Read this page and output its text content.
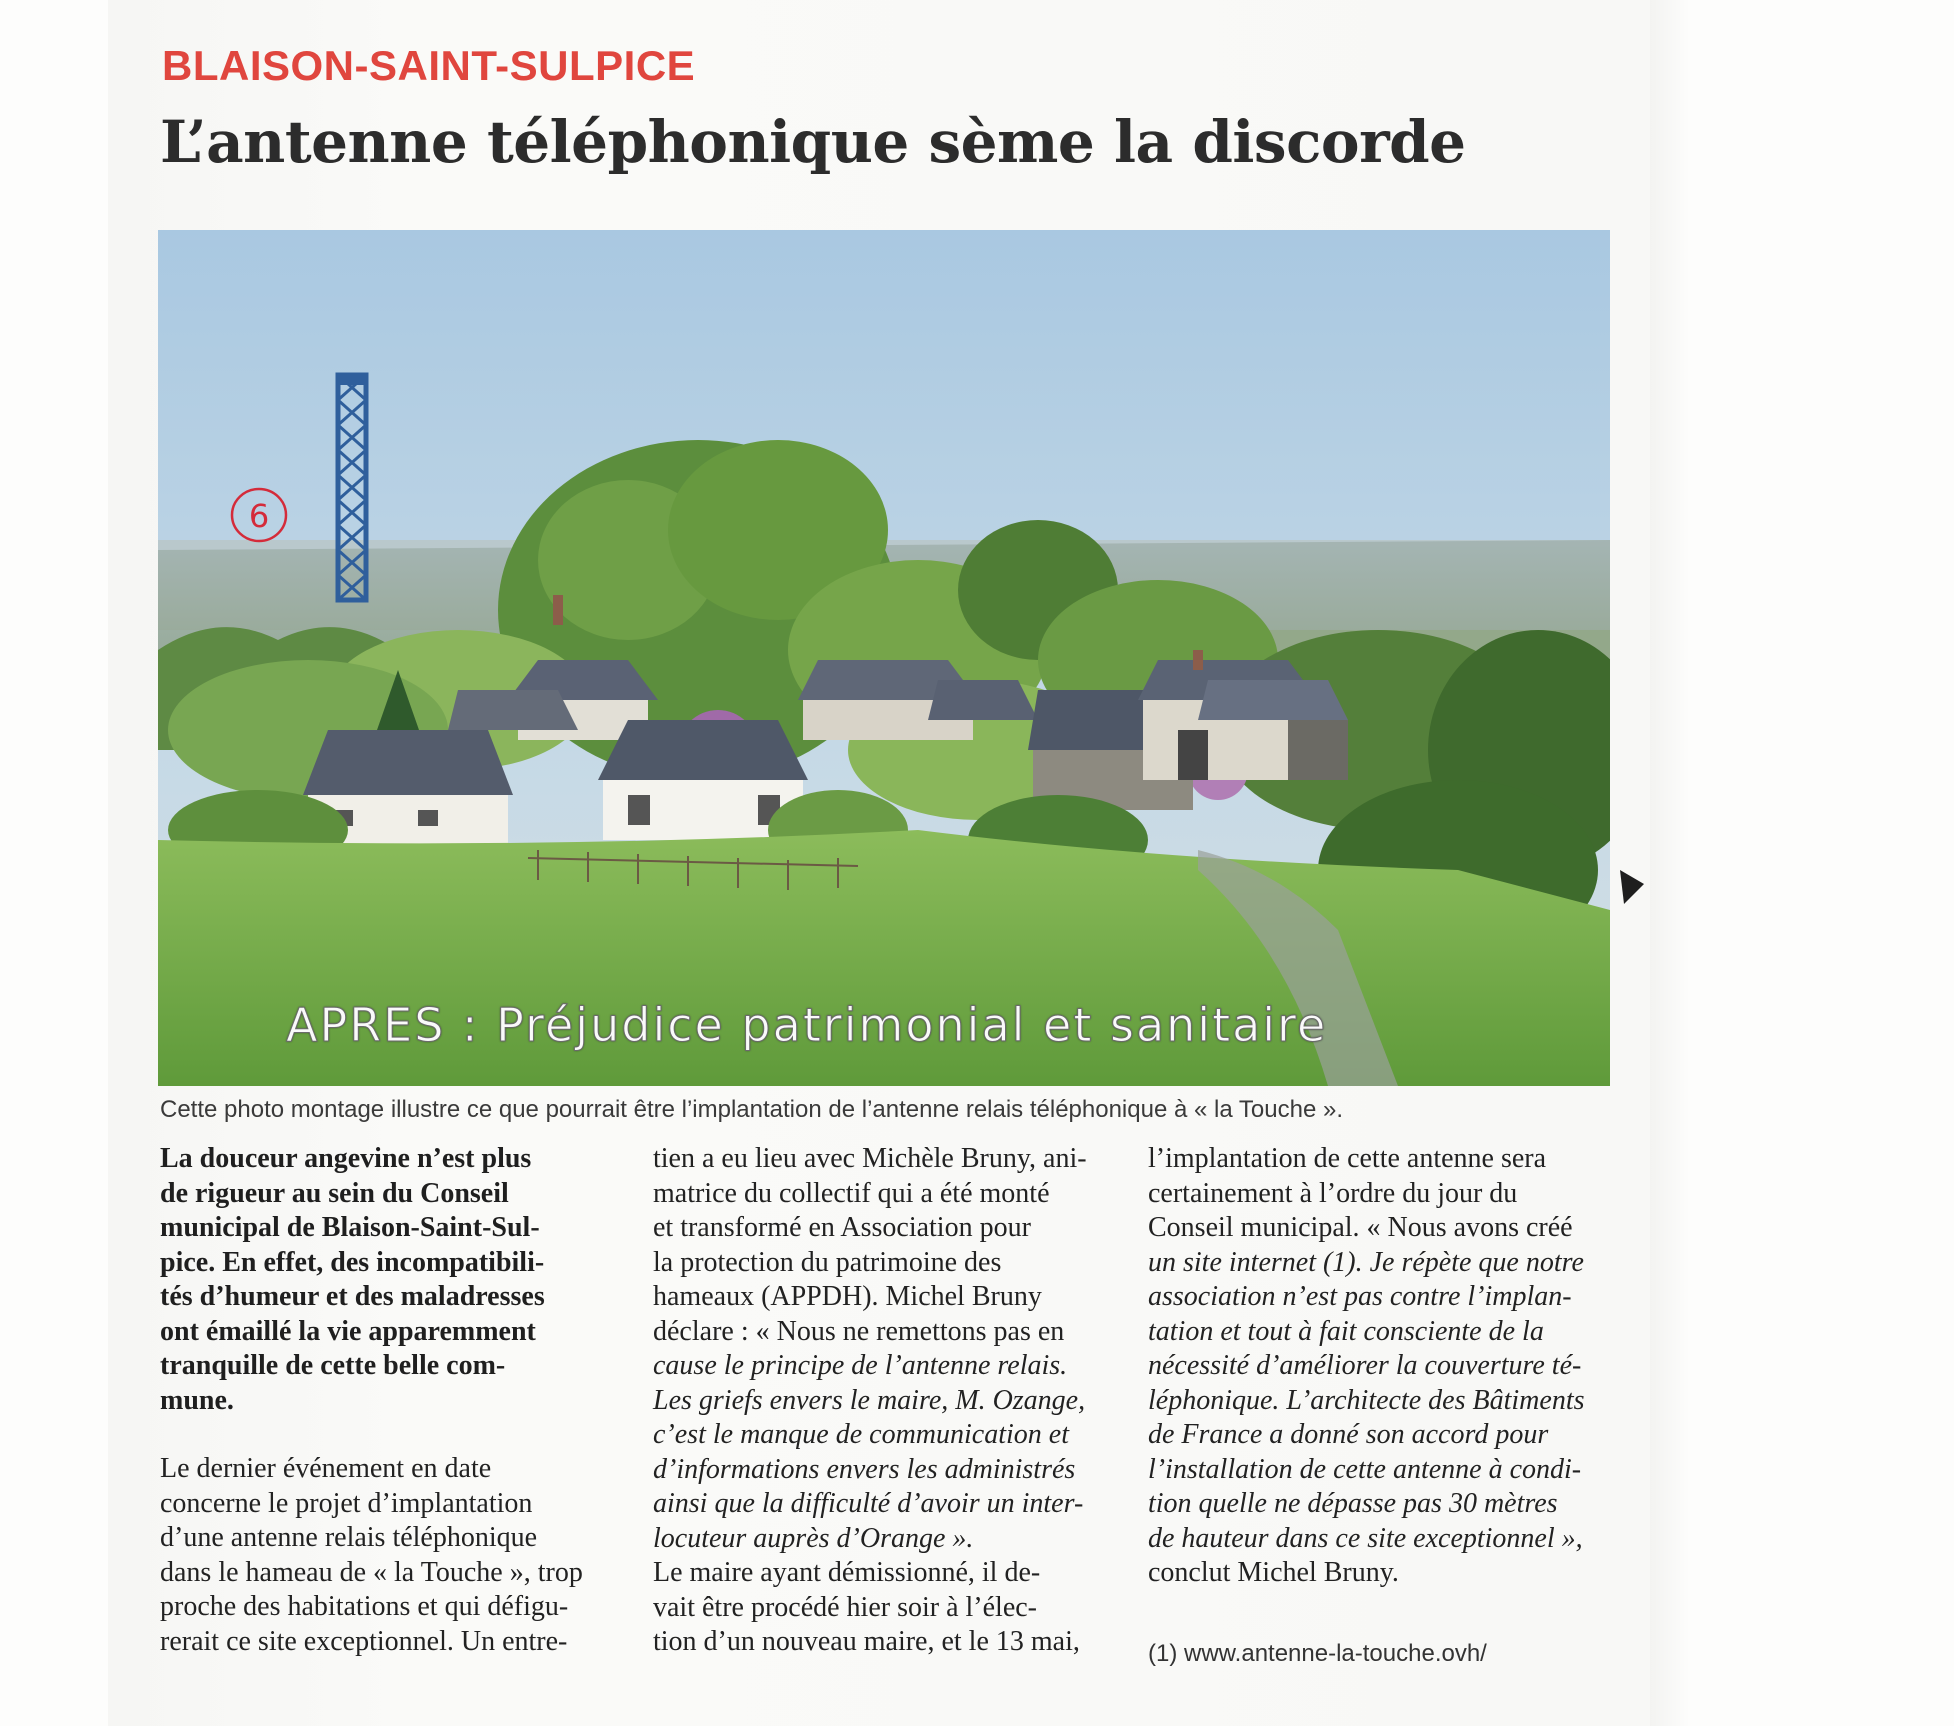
BLAISON-SAINT-SULPICE
L’antenne téléphonique sème la discorde
6
APRES : Préjudice patrimonial et sanitaire
Cette photo montage illustre ce que pourrait être l’implantation de l’antenne relais téléphonique à « la Touche ».

La douceur angevine n’est plus

de rigueur au sein du Conseil

municipal de Blaison-Saint-Sul-

pice. En effet, des incompatibili-

tés d’humeur et des maladresses

ont émaillé la vie apparemment

tranquille de cette belle com-

mune.

Le dernier événement en date

concerne le projet d’implantation

d’une antenne relais téléphonique

dans le hameau de « la Touche », trop

proche des habitations et qui défigu-

rerait ce site exceptionnel. Un entre-

tien a eu lieu avec Michèle Bruny, ani-

matrice du collectif qui a été monté

et transformé en Association pour

la protection du patrimoine des

hameaux (APPDH). Michel Bruny

déclare : « Nous ne remettons pas en

cause le principe de l’antenne relais.

Les griefs envers le maire, M. Ozange,

c’est le manque de communication et

d’informations envers les administrés

ainsi que la difficulté d’avoir un inter-

locuteur auprès d’Orange ».

Le maire ayant démissionné, il de-

vait être procédé hier soir à l’élec-

tion d’un nouveau maire, et le 13 mai,

l’implantation de cette antenne sera

certainement à l’ordre du jour du

Conseil municipal. « Nous avons créé

un site internet (1). Je répète que notre

association n’est pas contre l’implan-

tation et tout à fait consciente de la

nécessité d’améliorer la couverture té-

léphonique. L’architecte des Bâtiments

de France a donné son accord pour

l’installation de cette antenne à condi-

tion quelle ne dépasse pas 30 mètres

de hauteur dans ce site exceptionnel »,

conclut Michel Bruny.

(1) www.antenne-la-touche.ovh/
